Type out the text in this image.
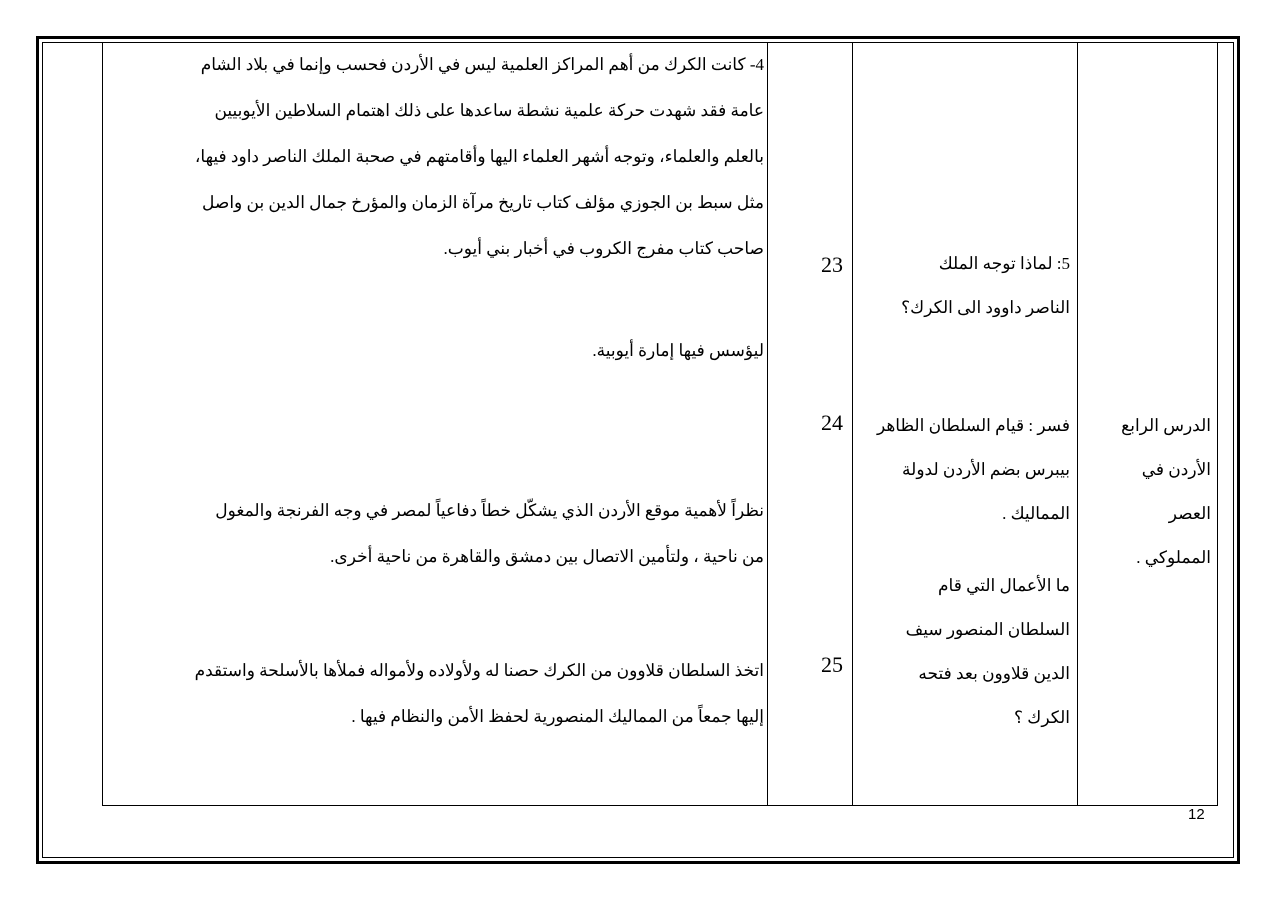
الدرس الرابع
الأردن في
العصر
المملوكي .
5: لماذا توجه الملك
الناصر داوود الى الكرك؟
فسر : قيام السلطان الظاهر
بيبرس بضم الأردن لدولة
المماليك .
ما الأعمال التي قام
السلطان المنصور سيف
الدين قلاوون بعد فتحه
الكرك ؟
23
24
25
4- كانت الكرك من أهم المراكز العلمية ليس في الأردن فحسب وإنما في بلاد الشام
عامة فقد شهدت حركة علمية نشطة ساعدها على ذلك اهتمام السلاطين الأيوبيين
بالعلم والعلماء، وتوجه أشهر العلماء اليها وأقامتهم في صحبة الملك الناصر داود فيها،
مثل سبط بن الجوزي مؤلف كتاب تاريخ مرآة الزمان والمؤرخ جمال الدين بن واصل
صاحب كتاب مفرج الكروب في أخبار بني أيوب.
ليؤسس فيها إمارة أيوبية.
نظراً لأهمية موقع الأردن الذي يشكّل خطاً دفاعياً لمصر في وجه الفرنجة والمغول
من ناحية ، ولتأمين الاتصال بين دمشق والقاهرة من ناحية أخرى.
اتخذ السلطان قلاوون من الكرك حصنا له ولأولاده ولأمواله فملأها بالأسلحة واستقدم
إليها جمعاً من المماليك المنصورية لحفظ الأمن والنظام فيها .
12
